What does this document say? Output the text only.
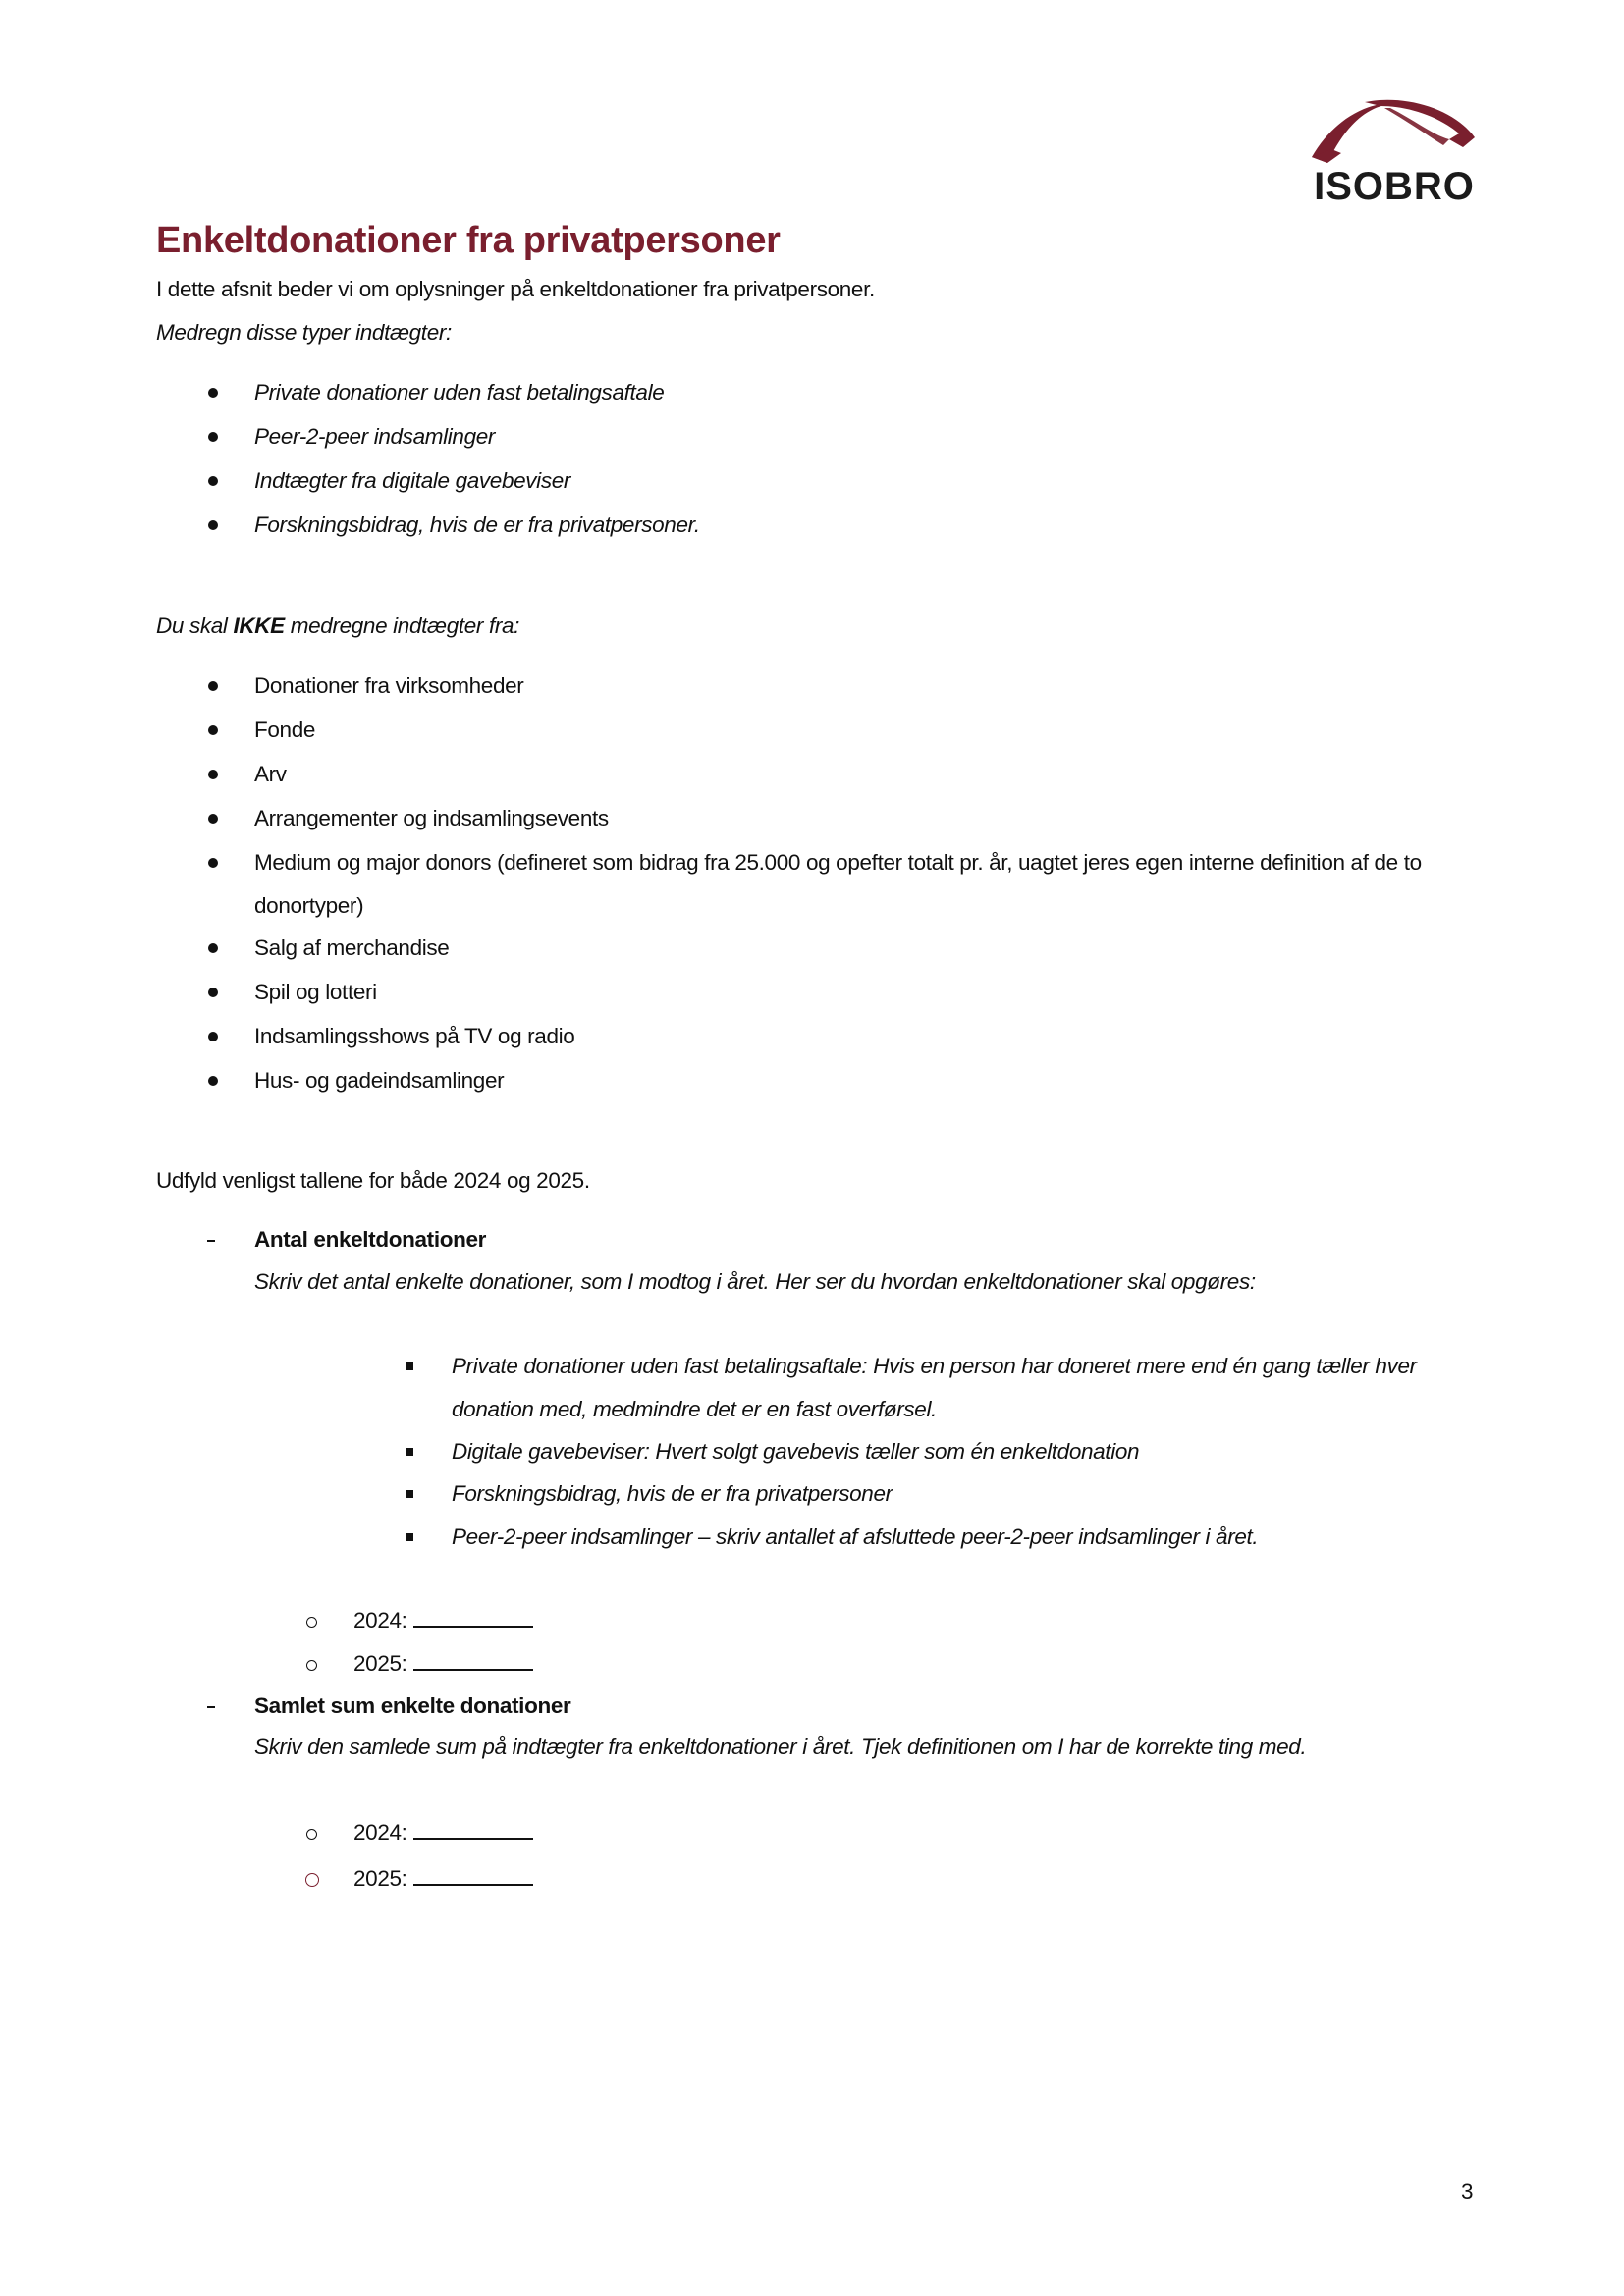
ISOBRO
Enkeltdonationer fra privatpersoner
I dette afsnit beder vi om oplysninger på enkeltdonationer fra privatpersoner.
Medregn disse typer indtægter:
Private donationer uden fast betalingsaftale
Peer-2-peer indsamlinger
Indtægter fra digitale gavebeviser
Forskningsbidrag, hvis de er fra privatpersoner.
Du skal IKKE medregne indtægter fra:
Donationer fra virksomheder
Fonde
Arv
Arrangementer og indsamlingsevents
Medium og major donors (defineret som bidrag fra 25.000 og opefter totalt pr. år, uagtet jeres egen interne definition af de to donortyper)
Salg af merchandise
Spil og lotteri
Indsamlingsshows på TV og radio
Hus- og gadeindsamlinger
Udfyld venligst tallene for både 2024 og 2025.
Antal enkeltdonationer
Skriv det antal enkelte donationer, som I modtog i året. Her ser du hvordan enkeltdonationer skal opgøres:
Private donationer uden fast betalingsaftale: Hvis en person har doneret mere end én gang tæller hver donation med, medmindre det er en fast overførsel.
Digitale gavebeviser: Hvert solgt gavebevis tæller som én enkeltdonation
Forskningsbidrag, hvis de er fra privatpersoner
Peer-2-peer indsamlinger – skriv antallet af afsluttede peer-2-peer indsamlinger i året.
2024:
2025:
Samlet sum enkelte donationer
Skriv den samlede sum på indtægter fra enkeltdonationer i året. Tjek definitionen om I har de korrekte ting med.
2024:
2025:
3
